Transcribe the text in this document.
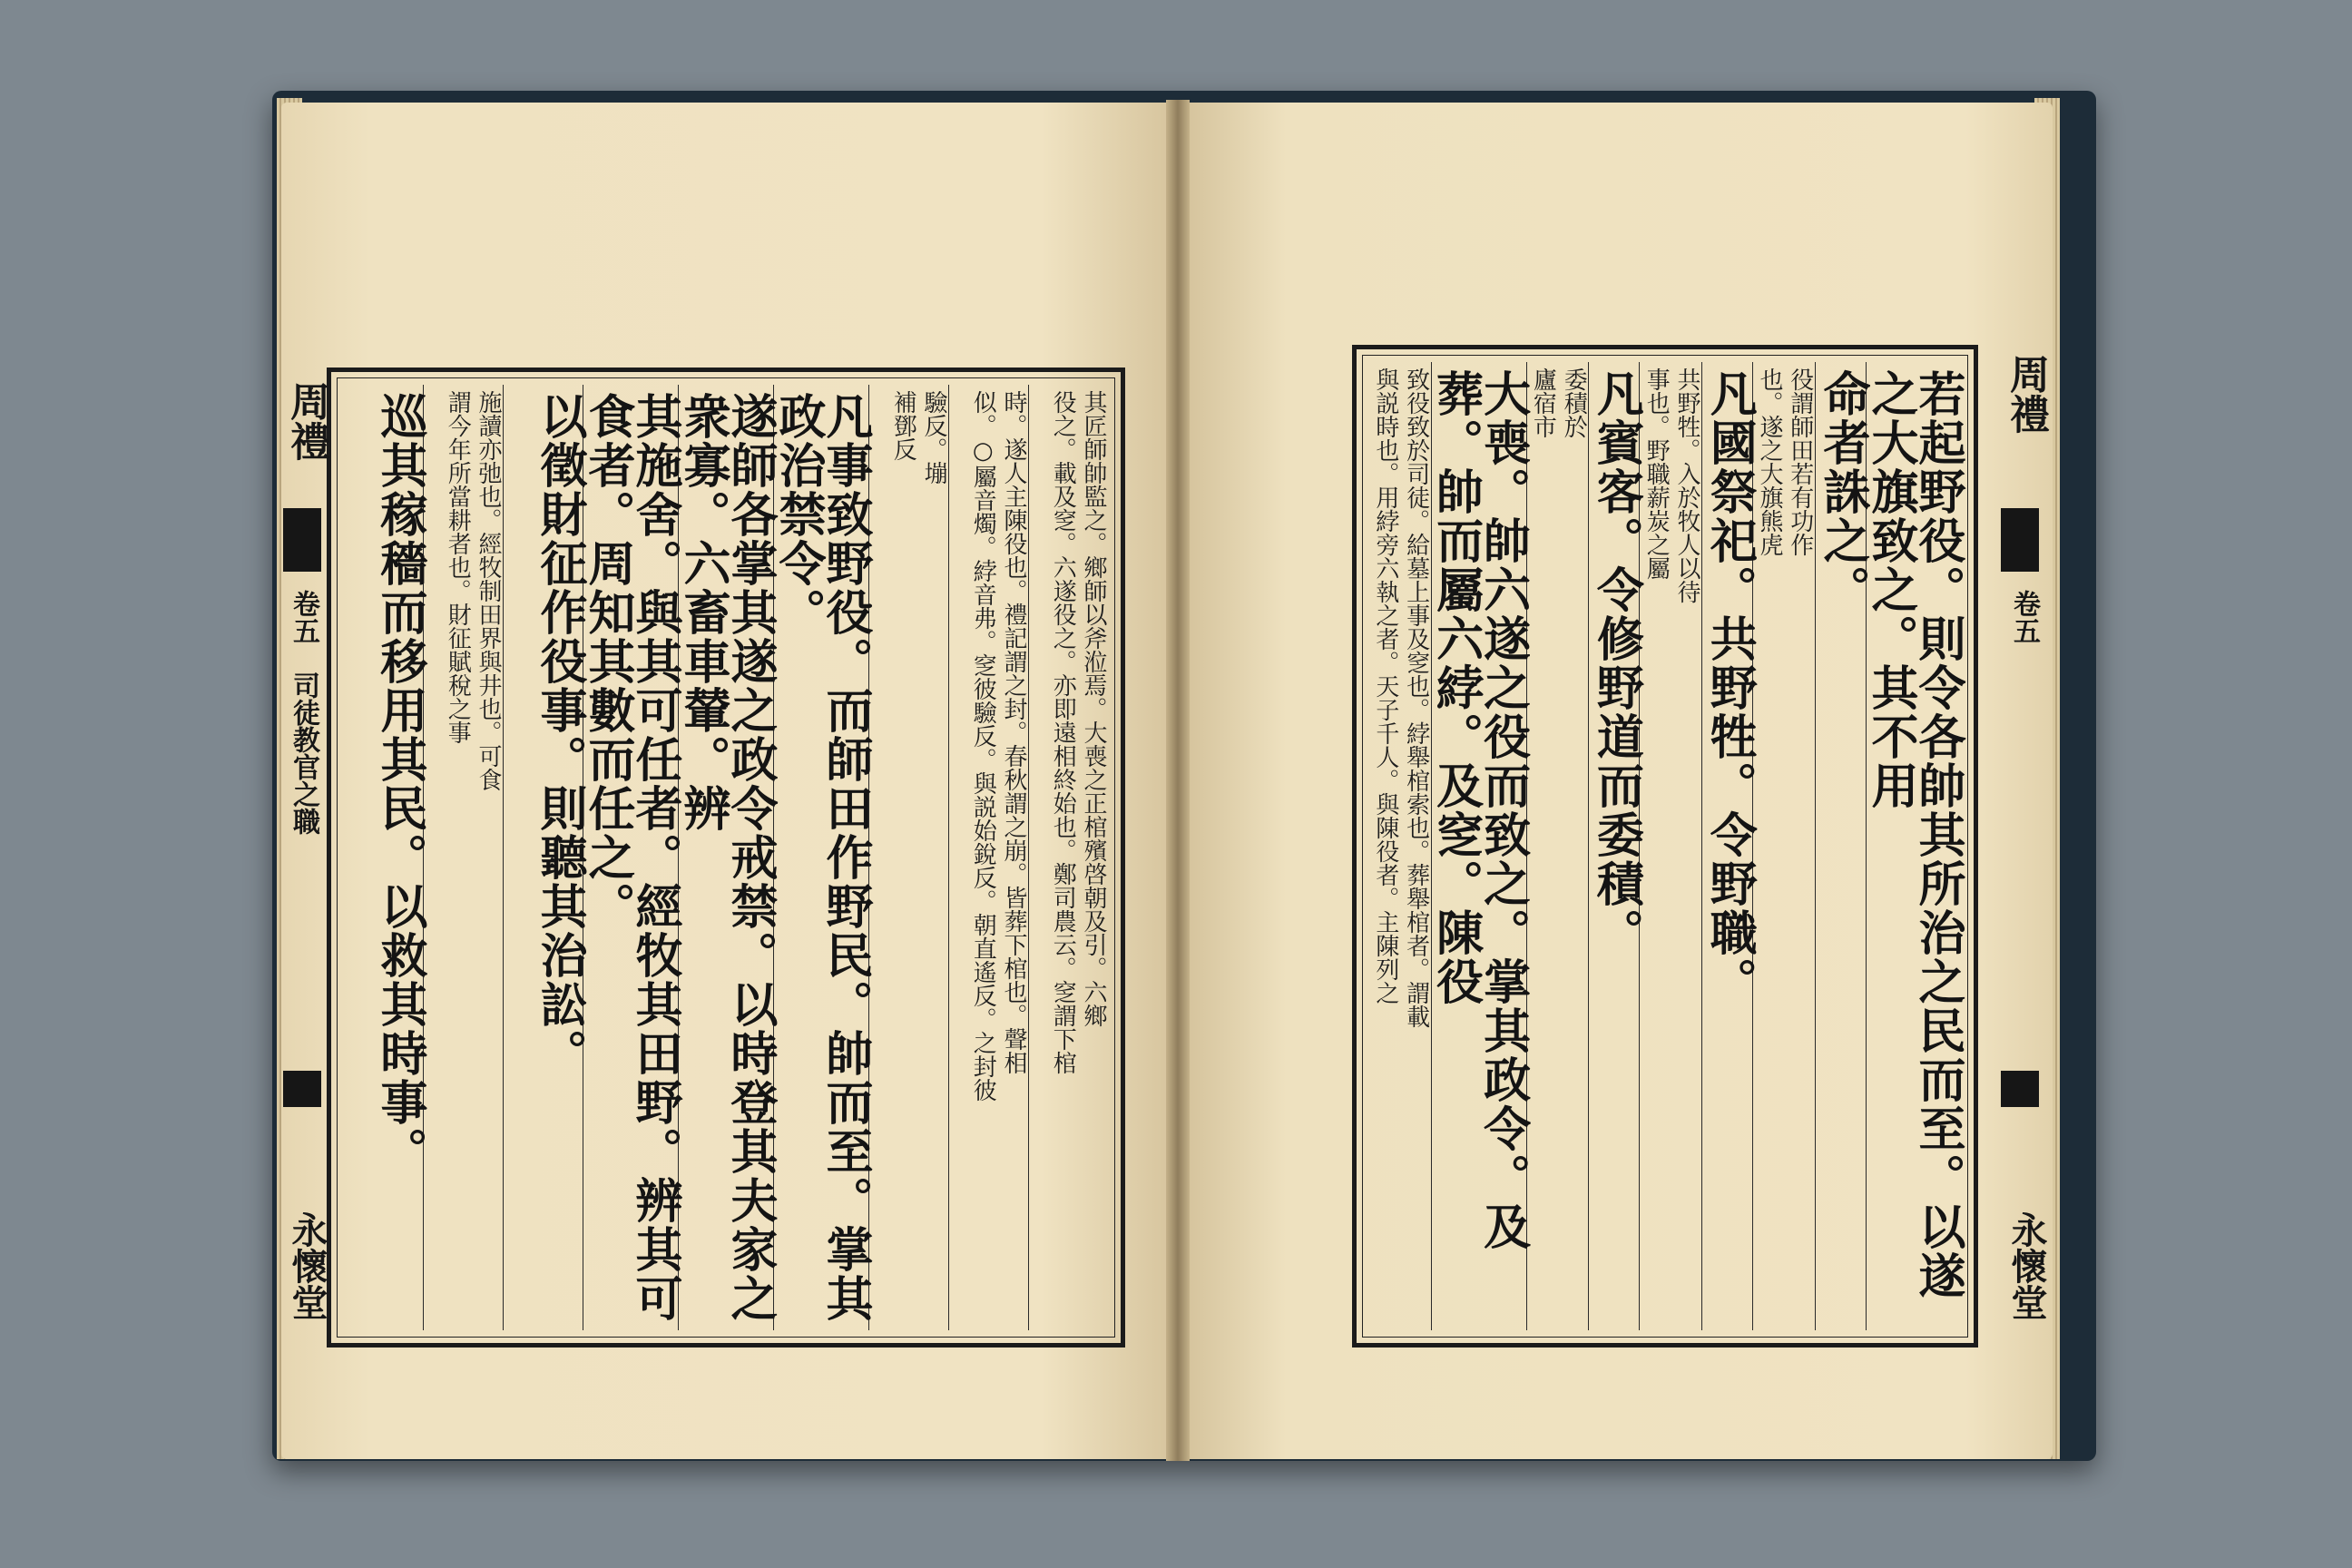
其匠師帥監之。鄉師以斧涖焉。大喪之正棺殯啓朝及引。六鄉
役之。載及窆。六遂役之。亦即遠相終始也。鄭司農云。窆謂下棺
時。遂人主陳役也。禮記謂之封。春秋謂之崩。皆葬下棺也。聲相
似。○屬音燭。綍音弗。窆彼驗反。與説始銳反。朝直遙反。之封彼
驗反。塴
補鄧反
凡事致野役。而師田作野民。帥而至。掌其政治禁令。
遂師各掌其遂之政令戒禁。以時登其夫家之衆寡。六畜車輦。辨
其施舍。與其可任者。經牧其田野。辨其可食者。周知其數而任之。
以徵財征作役事。則聽其治訟。
施讀亦弛也。經牧制田界與井也。可食
謂今年所當耕者也。財征賦稅之事
巡其稼穡而移用其民。以救其時事。
周禮
卷五
司徒教官之職
永懷堂	若起野役。則令各帥其所治之民而至。以遂之大旗致之。其不用
命者誅之。
役謂師田若有功作
也。遂之大旗熊虎
凡國祭祀。共野牲。令野職。
共野牲。入於牧人以待
事也。野職薪炭之屬
凡賓客。令修野道而委積。
委積於
廬宿市
大喪。帥六遂之役而致之。掌其政令。及葬。帥而屬六綍。及窆。陳役
致役致於司徒。給墓上事及窆也。綍舉棺索也。葬舉棺者。謂載
與説時也。用綍旁六執之者。天子千人。與陳役者。主陳列之	周禮
卷五
永懷堂
